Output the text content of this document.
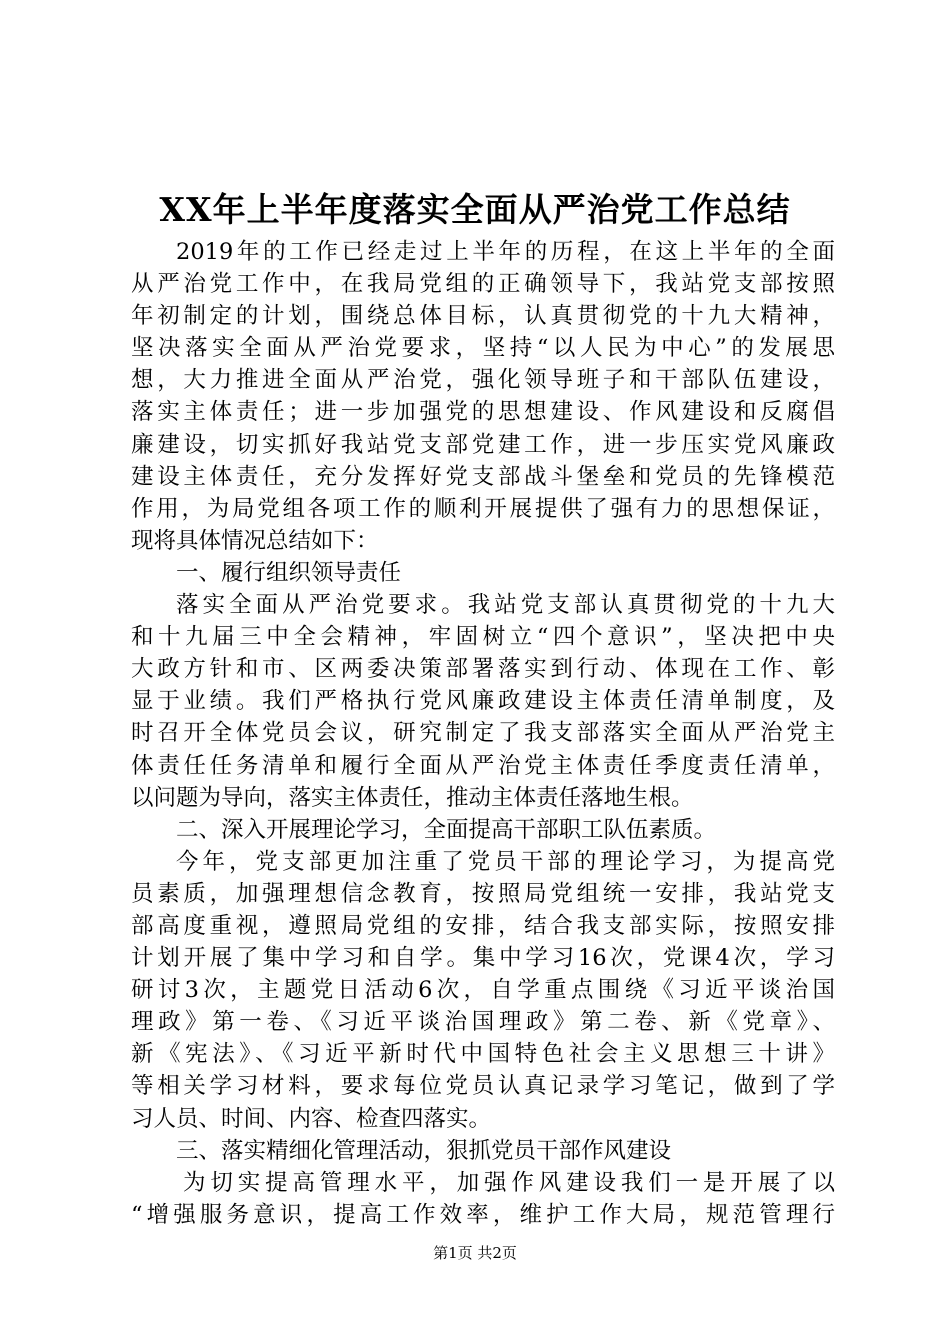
XX年上半年度落实全面从严治党工作总结
2019年的工作已经走过上半年的历程，在这上半年的全面
从严治党工作中，在我局党组的正确领导下，我站党支部按照
年初制定的计划，围绕总体目标，认真贯彻党的十九大精神，
坚决落实全面从严治党要求，坚持“以人民为中心”的发展思
想，大力推进全面从严治党，强化领导班子和干部队伍建设，
落实主体责任；进一步加强党的思想建设、作风建设和反腐倡
廉建设，切实抓好我站党支部党建工作，进一步压实党风廉政
建设主体责任，充分发挥好党支部战斗堡垒和党员的先锋模范
作用，为局党组各项工作的顺利开展提供了强有力的思想保证，
现将具体情况总结如下：
一、履行组织领导责任
落实全面从严治党要求。我站党支部认真贯彻党的十九大
和十九届三中全会精神，牢固树立“四个意识”，坚决把中央
大政方针和市、区两委决策部署落实到行动、体现在工作、彰
显于业绩。我们严格执行党风廉政建设主体责任清单制度，及
时召开全体党员会议，研究制定了我支部落实全面从严治党主
体责任任务清单和履行全面从严治党主体责任季度责任清单，
以问题为导向，落实主体责任，推动主体责任落地生根。
二、深入开展理论学习，全面提高干部职工队伍素质。
今年，党支部更加注重了党员干部的理论学习，为提高党
员素质，加强理想信念教育，按照局党组统一安排，我站党支
部高度重视，遵照局党组的安排，结合我支部实际，按照安排
计划开展了集中学习和自学。集中学习16次，党课4次，学习
研讨3次，主题党日活动6次，自学重点围绕《习近平谈治国
理政》第一卷、《习近平谈治国理政》第二卷、新《党章》、
新《宪法》、《习近平新时代中国特色社会主义思想三十讲》
等相关学习材料，要求每位党员认真记录学习笔记，做到了学
习人员、时间、内容、检查四落实。
三、落实精细化管理活动，狠抓党员干部作风建设
为切实提高管理水平，加强作风建设我们一是开展了以
“增强服务意识，提高工作效率，维护工作大局，规范管理行
第1页 共2页
